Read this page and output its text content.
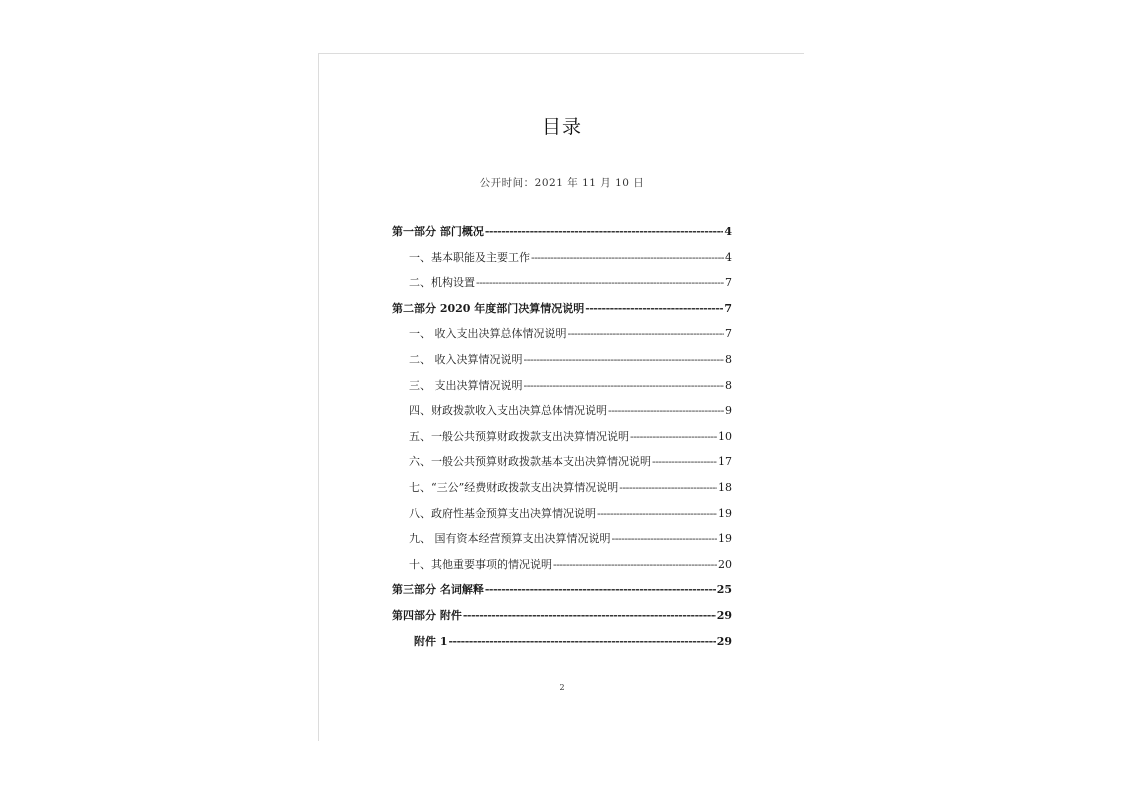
目录
公开时间：2021 年 11 月 10 日
第一部分 部门概况 -----	4
一、基本职能及主要工作 -----	4
二、机构设置 -----	7
第二部分 2020 年度部门决算情况说明 -----	7
一、 收入支出决算总体情况说明 -----	7
二、 收入决算情况说明 -----	8
三、 支出决算情况说明 -----	8
四、财政拨款收入支出决算总体情况说明 -----	9
五、一般公共预算财政拨款支出决算情况说明 -----	10
六、一般公共预算财政拨款基本支出决算情况说明 -----	17
七、“三公”经费财政拨款支出决算情况说明 -----	18
八、政府性基金预算支出决算情况说明 -----	19
九、 国有资本经营预算支出决算情况说明 -----	19
十、其他重要事项的情况说明 -----	20
第三部分 名词解释 -----	25
第四部分 附件 -----	29
附件 1 -----	29
2
